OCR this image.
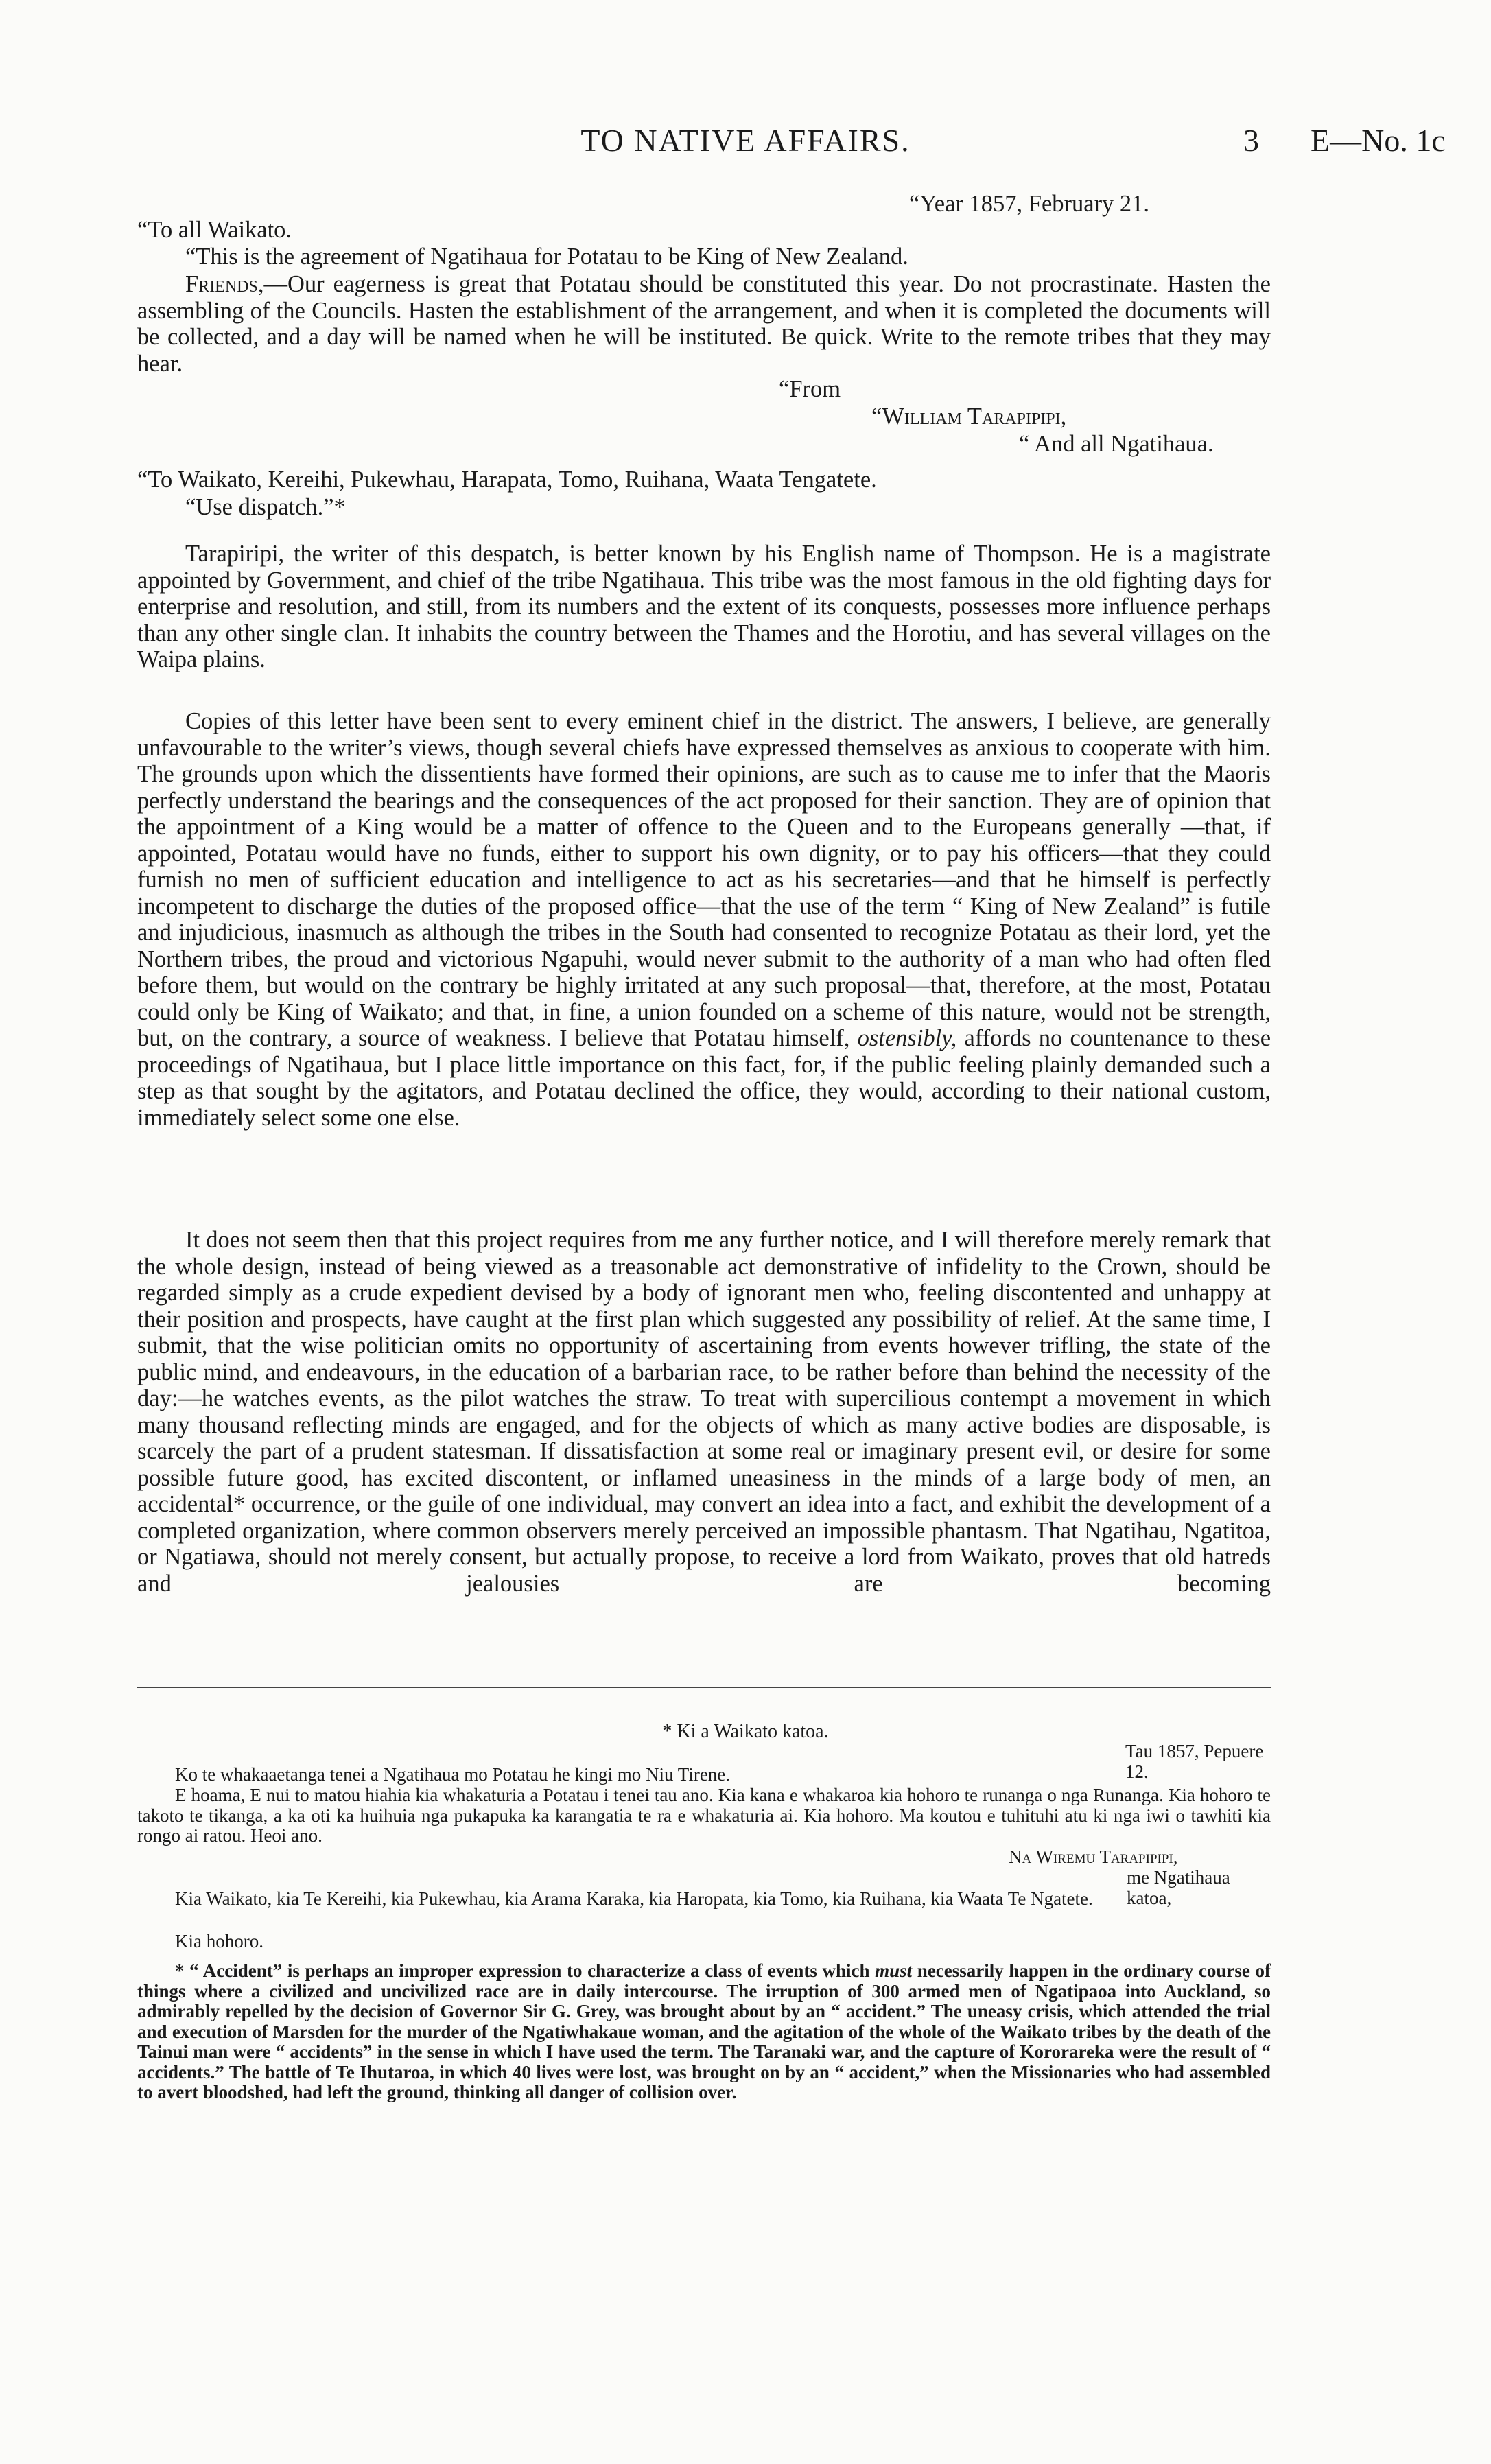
TO NATIVE AFFAIRS.	3 E—No. 1c
“Year 1857, February 21.
“To all Waikato.
“This is the agreement of Ngatihaua for Potatau to be King of New Zealand.

Friends,—Our eagerness is great that Potatau should be constituted this year. Do not procrastinate. Hasten the assembling of the Councils. Hasten the establishment of the arrangement, and when it is completed the documents will be collected, and a day will be named when he will be instituted. Be quick. Write to the remote tribes that they may hear.

“From
“William Tarapipipi,
“ And all Ngatihaua.
“To Waikato, Kereihi, Pukewhau, Harapata, Tomo, Ruihana, Waata Tengatete.
“Use dispatch.”*

Tarapiripi, the writer of this despatch, is better known by his English name of Thompson. He is a magistrate appointed by Government, and chief of the tribe Ngatihaua. This tribe was the most famous in the old fighting days for enterprise and resolution, and still, from its numbers and the extent of its conquests, possesses more influence perhaps than any other single clan. It inhabits the country between the Thames and the Horotiu, and has several villages on the Waipa plains.

Copies of this letter have been sent to every eminent chief in the district. The answers, I believe, are generally unfavourable to the writer’s views, though several chiefs have expressed themselves as anxious to cooperate with him. The grounds upon which the dissentients have formed their opinions, are such as to cause me to infer that the Maoris perfectly understand the bearings and the consequences of the act proposed for their sanction. They are of opinion that the appointment of a King would be a matter of offence to the Queen and to the Europeans generally —that, if appointed, Potatau would have no funds, either to support his own dignity, or to pay his officers—that they could furnish no men of sufficient education and intelligence to act as his secretaries—and that he himself is perfectly incompetent to discharge the duties of the proposed office—that the use of the term “ King of New Zealand” is futile and injudicious, inasmuch as although the tribes in the South had consented to recognize Potatau as their lord, yet the Northern tribes, the proud and victorious Ngapuhi, would never submit to the authority of a man who had often fled before them, but would on the contrary be highly irritated at any such proposal—that, therefore, at the most, Potatau could only be King of Waikato; and that, in fine, a union founded on a scheme of this nature, would not be strength, but, on the contrary, a source of weakness. I believe that Potatau himself, ostensibly, affords no countenance to these proceedings of Ngatihaua, but I place little importance on this fact, for, if the public feeling plainly demanded such a step as that sought by the agitators, and Potatau declined the office, they would, according to their national custom, immediately select some one else.

It does not seem then that this project requires from me any further notice, and I will therefore merely remark that the whole design, instead of being viewed as a treasonable act demonstrative of infidelity to the Crown, should be regarded simply as a crude expedient devised by a body of ignorant men who, feeling discontented and unhappy at their position and prospects, have caught at the first plan which suggested any possibility of relief. At the same time, I submit, that the wise politician omits no opportunity of ascertaining from events however trifling, the state of the public mind, and endeavours, in the education of a barbarian race, to be rather before than behind the necessity of the day:—he watches events, as the pilot watches the straw. To treat with supercilious contempt a movement in which many thousand reflecting minds are engaged, and for the objects of which as many active bodies are disposable, is scarcely the part of a prudent statesman. If dissatisfaction at some real or imaginary present evil, or desire for some possible future good, has excited discontent, or inflamed uneasiness in the minds of a large body of men, an accidental* occurrence, or the guile of one individual, may convert an idea into a fact, and exhibit the development of a completed organization, where common observers merely perceived an impossible phantasm. That Ngatihau, Ngatitoa, or Ngatiawa, should not merely consent, but actually propose, to receive a lord from Waikato, proves that old hatreds and jealousies are becoming

* Ki a Waikato katoa.
Tau 1857, Pepuere 12.
Ko te whakaaetanga tenei a Ngatihaua mo Potatau he kingi mo Niu Tirene.

E hoama, E nui to matou hiahia kia whakaturia a Potatau i tenei tau ano. Kia kana e whakaroa kia hohoro te runanga o nga Runanga. Kia hohoro te takoto te tikanga, a ka oti ka huihuia nga pukapuka ka karangatia te ra e whakaturia ai. Kia hohoro. Ma koutou e tuhituhi atu ki nga iwi o tawhiti kia rongo ai ratou. Heoi ano.

Na Wiremu Tarapipipi,
me Ngatihaua katoa,

Kia Waikato, kia Te Kereihi, kia Pukewhau, kia Arama Karaka, kia Haropata, kia Tomo, kia Ruihana, kia Waata Te Ngatete.

Kia hohoro.

* “ Accident” is perhaps an improper expression to characterize a class of events which must necessarily happen in the ordinary course of things where a civilized and uncivilized race are in daily intercourse. The irruption of 300 armed men of Ngatipaoa into Auckland, so admirably repelled by the decision of Governor Sir G. Grey, was brought about by an “ accident.” The uneasy crisis, which attended the trial and execution of Marsden for the murder of the Ngatiwhakaue woman, and the agitation of the whole of the Waikato tribes by the death of the Tainui man were “ accidents” in the sense in which I have used the term. The Taranaki war, and the capture of Kororareka were the result of “ accidents.” The battle of Te Ihutaroa, in which 40 lives were lost, was brought on by an “ accident,” when the Missionaries who had assembled to avert bloodshed, had left the ground, thinking all danger of collision over.
